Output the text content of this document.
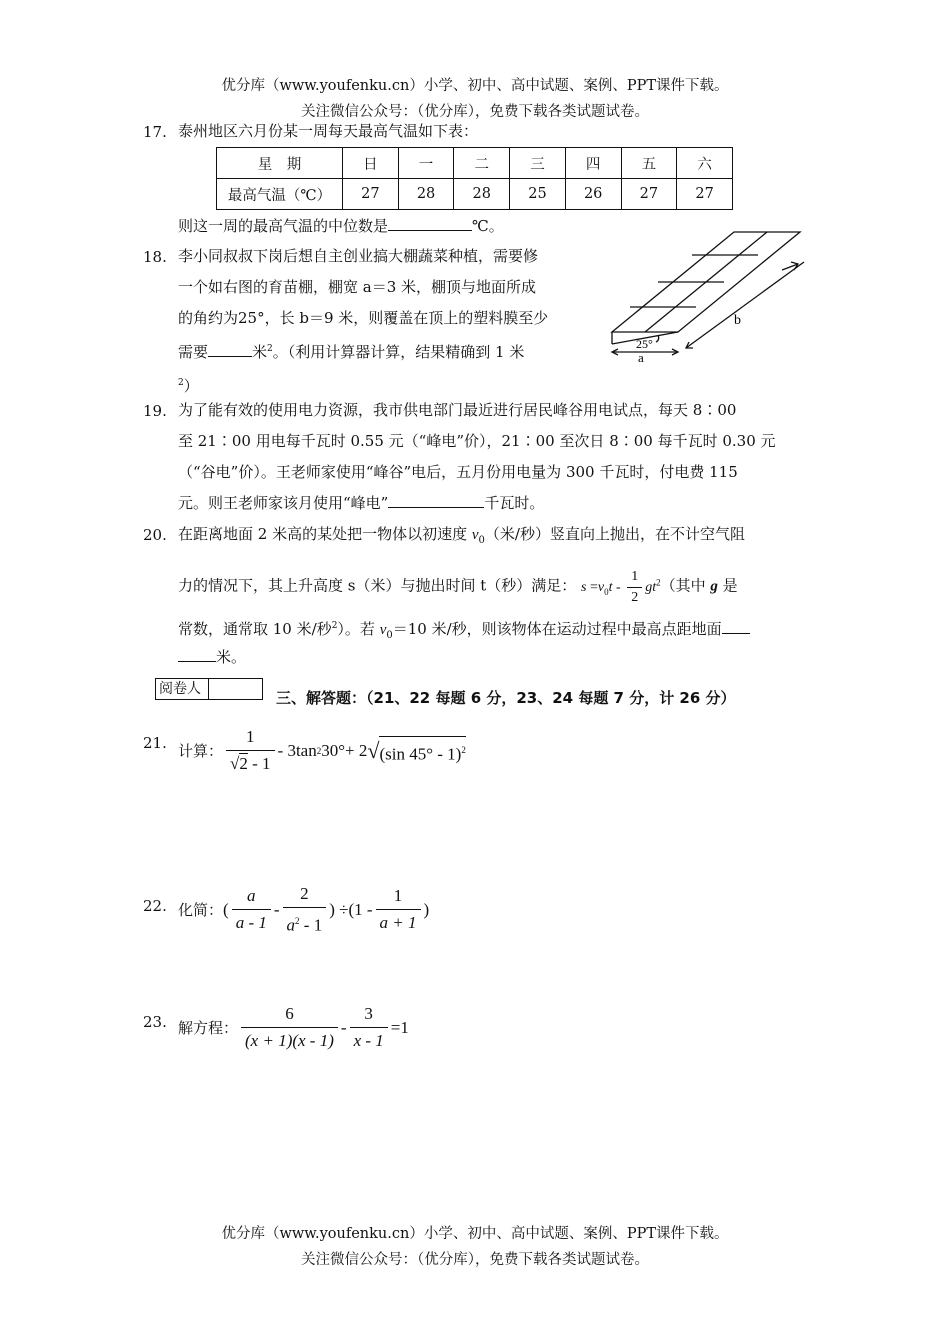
优分库（www.youfenku.cn）小学、初中、高中试题、案例、PPT课件下载。
关注微信公众号：（优分库），免费下载各类试题试卷。
17. 泰州地区六月份某一周每天最高气温如下表：
星　期	日	一	二	三	四	五	六
最高气温（℃）	27	28	28	25	26	27	27
则这一周的最高气温的中位数是	℃。
18. 李小同叔叔下岗后想自主创业搞大棚蔬菜种植，需要修
一个如右图的育苗棚，棚宽 a＝3 米，棚顶与地面所成
的角约为25°，长 b＝9 米，则覆盖在顶上的塑料膜至少
需要	米$^2$。（利用计算器计算，结果精确到 1 米
$^2$）
25°
a
b
19. 为了能有效的使用电力资源，我市供电部门最近进行居民峰谷用电试点，每天 8∶00
至 21∶00 用电每千瓦时 0.55 元（“峰电”价），21∶00 至次日 8∶00 每千瓦时 0.30 元
（“谷电”价）。王老师家使用“峰谷”电后，五月份用电量为 300 千瓦时，付电费 115
元。则王老师家该月使用“峰电”	千瓦时。
20. 在距离地面 2 米高的某处把一物体以初速度 $v_0$（米/秒）竖直向上抛出，在不计空气阻
力的情况下，其上升高度 s（米）与抛出时间 t（秒）满足： $s =v_0t - \frac{1}{2} gt^2$（其中 g 是
常数，通常取 10 米/秒$^2$）。若 $v_0=10$ 米/秒，则该物体在运动过程中最高点距地面
米。
阅卷人	三、解答题：（21、22 每题 6 分，23、24 每题 7 分，计 26 分）
21. 计算： $\frac{1}{√2 - 1}$ -
3 tan 2 30° + 2 √ (sin 45° - 1)$^2$
22. 化简： ( $\frac{a}{a - 1} - \frac{2}{a^2 - 1}$ ) $\div(1 - \frac{1}{a + 1}$ )
23. 解方程： $\frac{6}{(x + 1)(x - 1)} - \frac{3}{x - 1} =1$
优分库（www.youfenku.cn）小学、初中、高中试题、案例、PPT课件下载。
关注微信公众号：（优分库），免费下载各类试题试卷。
